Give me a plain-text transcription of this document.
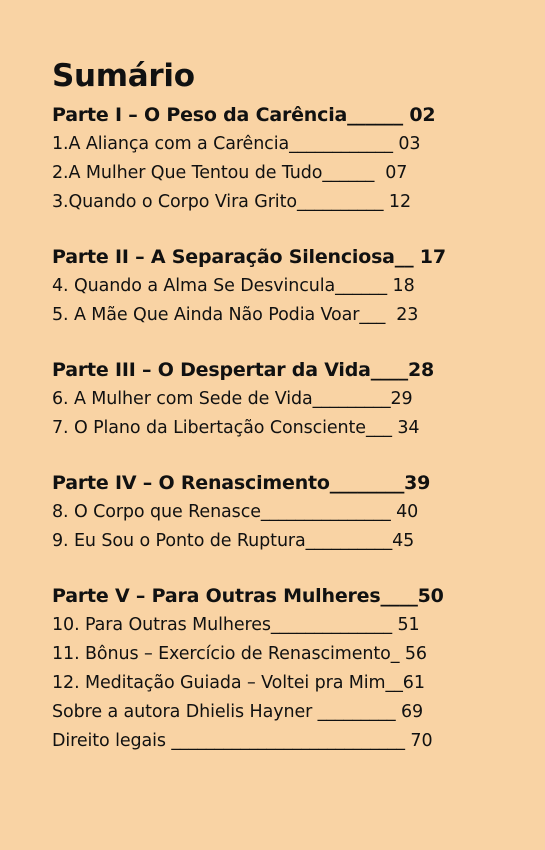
Sumário
Parte I – O Peso da Carência______ 02
1.A Aliança com a Carência____________ 03
2.A Mulher Que Tentou de Tudo______  07
3.Quando o Corpo Vira Grito__________ 12
Parte II – A Separação Silenciosa__ 17
4. Quando a Alma Se Desvincula______ 18
5. A Mãe Que Ainda Não Podia Voar___  23
Parte III – O Despertar da Vida____28
6. A Mulher com Sede de Vida_________29
7. O Plano da Libertação Consciente___ 34
Parte IV – O Renascimento________39
8. O Corpo que Renasce_______________ 40
9. Eu Sou o Ponto de Ruptura__________45
Parte V – Para Outras Mulheres____50
10. Para Outras Mulheres______________ 51
11. Bônus – Exercício de Renascimento_ 56
12. Meditação Guiada – Voltei pra Mim__61
Sobre a autora Dhielis Hayner _________ 69
Direito legais ___________________________ 70
